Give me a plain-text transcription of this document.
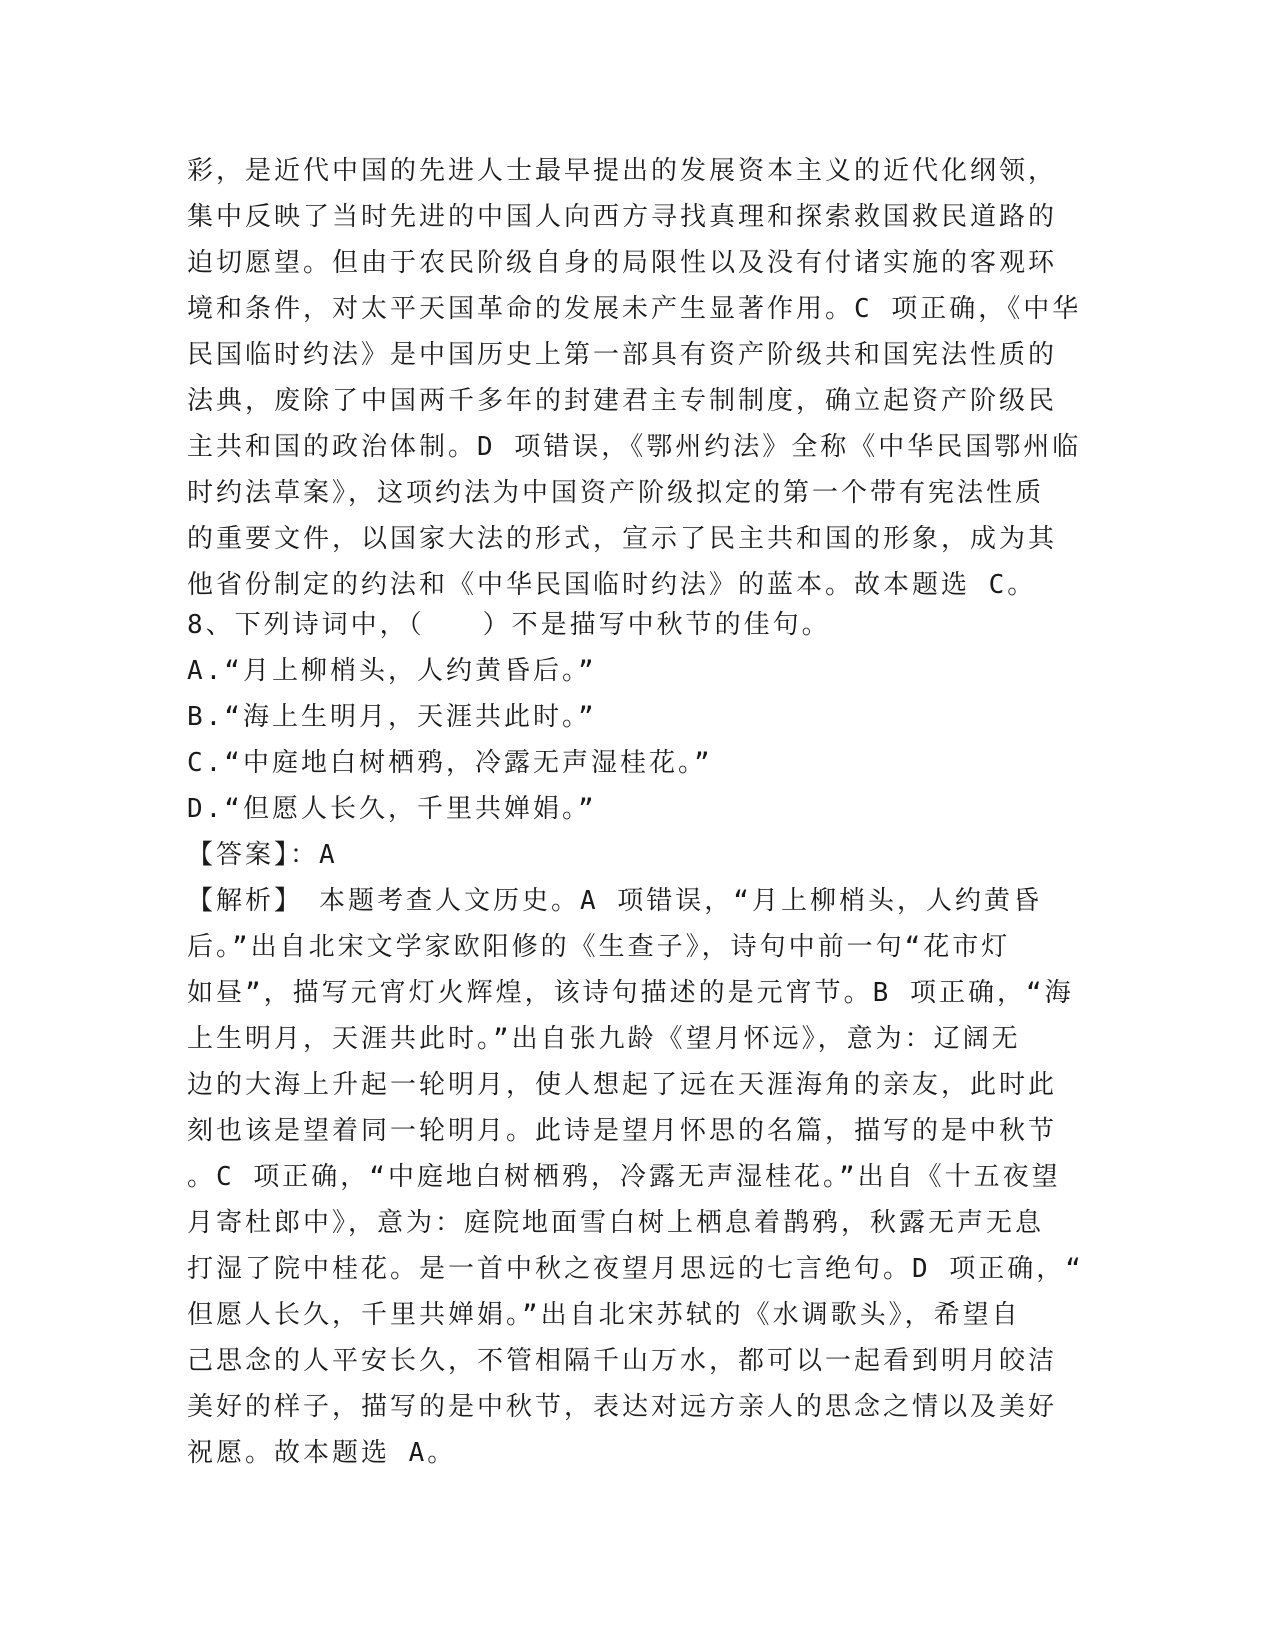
彩，是近代中国的先进人士最早提出的发展资本主义的近代化纲领，
集中反映了当时先进的中国人向西方寻找真理和探索救国救民道路的
迫切愿望。但由于农民阶级自身的局限性以及没有付诸实施的客观环
境和条件，对太平天国革命的发展未产生显著作用。C 项正确，《中华
民国临时约法》是中国历史上第一部具有资产阶级共和国宪法性质的
法典，废除了中国两千多年的封建君主专制制度，确立起资产阶级民
主共和国的政治体制。D 项错误，《鄂州约法》全称《中华民国鄂州临
时约法草案》，这项约法为中国资产阶级拟定的第一个带有宪法性质
的重要文件，以国家大法的形式，宣示了民主共和国的形象，成为其
他省份制定的约法和《中华民国临时约法》的蓝本。故本题选 C。
8、下列诗词中，（　　）不是描写中秋节的佳句。
A.“月上柳梢头，人约黄昏后。”
B.“海上生明月，天涯共此时。”
C.“中庭地白树栖鸦，冷露无声湿桂花。”
D.“但愿人长久，千里共婵娟。”
【答案】：A
【解析】　本题考查人文历史。A 项错误，“月上柳梢头，人约黄昏
后。”出自北宋文学家欧阳修的《生查子》，诗句中前一句“花市灯
如昼”，描写元宵灯火辉煌，该诗句描述的是元宵节。B 项正确，“海
上生明月，天涯共此时。”出自张九龄《望月怀远》，意为：辽阔无
边的大海上升起一轮明月，使人想起了远在天涯海角的亲友，此时此
刻也该是望着同一轮明月。此诗是望月怀思的名篇，描写的是中秋节
。C 项正确，“中庭地白树栖鸦，冷露无声湿桂花。”出自《十五夜望
月寄杜郎中》，意为：庭院地面雪白树上栖息着鹊鸦，秋露无声无息
打湿了院中桂花。是一首中秋之夜望月思远的七言绝句。D 项正确，“
但愿人长久，千里共婵娟。”出自北宋苏轼的《水调歌头》，希望自
己思念的人平安长久，不管相隔千山万水，都可以一起看到明月皎洁
美好的样子，描写的是中秋节，表达对远方亲人的思念之情以及美好
祝愿。故本题选 A。
